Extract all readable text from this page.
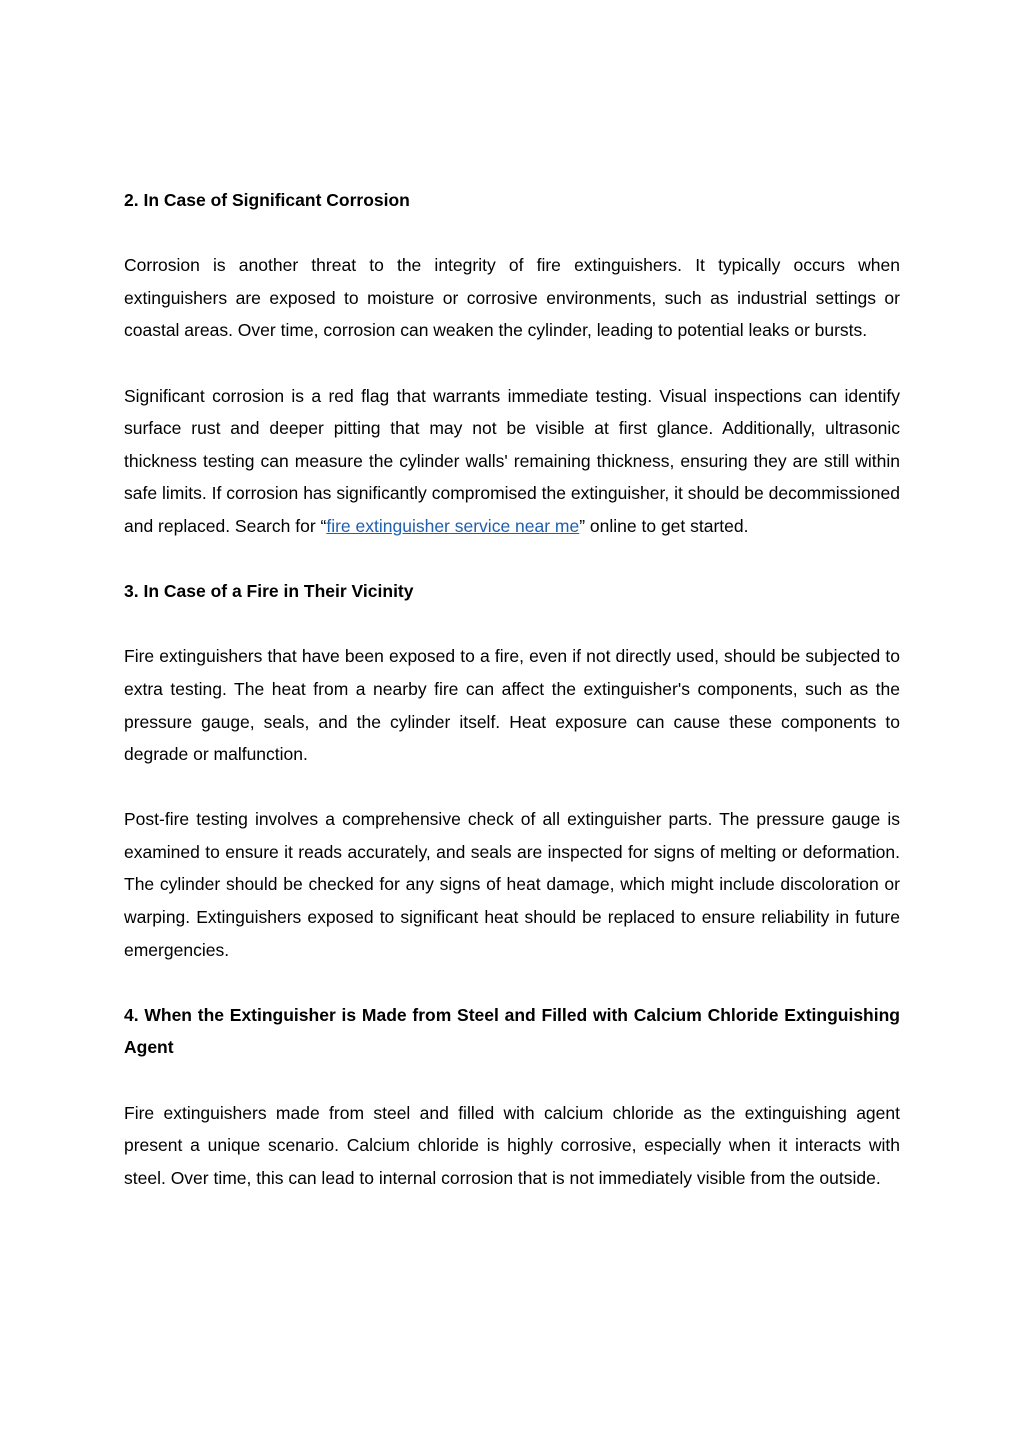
2. In Case of Significant Corrosion

Corrosion is another threat to the integrity of fire extinguishers. It typically occurs when extinguishers are exposed to moisture or corrosive environments, such as industrial settings or coastal areas. Over time, corrosion can weaken the cylinder, leading to potential leaks or bursts.

Significant corrosion is a red flag that warrants immediate testing. Visual inspections can identify surface rust and deeper pitting that may not be visible at first glance. Additionally, ultrasonic thickness testing can measure the cylinder walls' remaining thickness, ensuring they are still within safe limits. If corrosion has significantly compromised the extinguisher, it should be decommissioned and replaced. Search for “fire extinguisher service near me” online to get started.

3. In Case of a Fire in Their Vicinity

Fire extinguishers that have been exposed to a fire, even if not directly used, should be subjected to extra testing. The heat from a nearby fire can affect the extinguisher's components, such as the pressure gauge, seals, and the cylinder itself. Heat exposure can cause these components to degrade or malfunction.

Post-fire testing involves a comprehensive check of all extinguisher parts. The pressure gauge is examined to ensure it reads accurately, and seals are inspected for signs of melting or deformation. The cylinder should be checked for any signs of heat damage, which might include discoloration or warping. Extinguishers exposed to significant heat should be replaced to ensure reliability in future emergencies.

4. When the Extinguisher is Made from Steel and Filled with Calcium Chloride Extinguishing Agent

Fire extinguishers made from steel and filled with calcium chloride as the extinguishing agent present a unique scenario. Calcium chloride is highly corrosive, especially when it interacts with steel. Over time, this can lead to internal corrosion that is not immediately visible from the outside.
